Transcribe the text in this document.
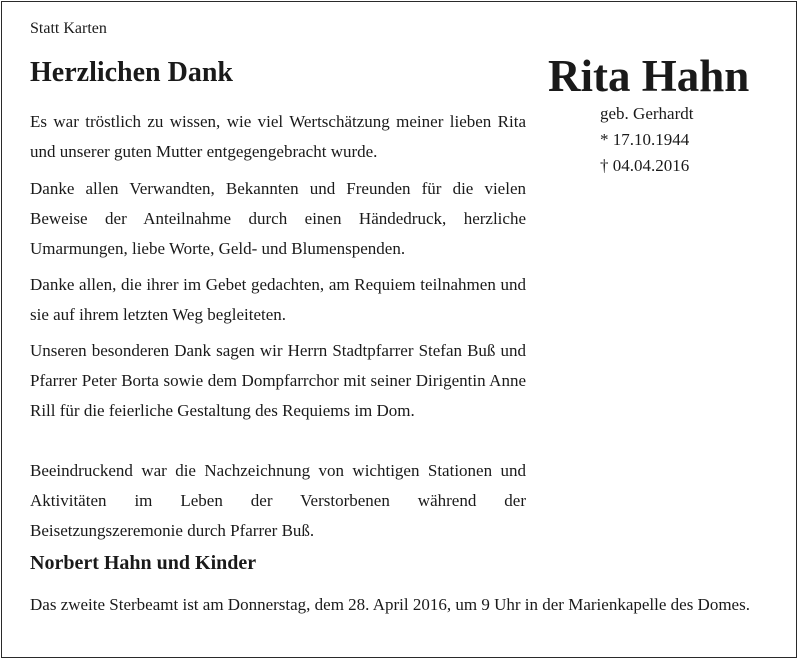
Statt Karten

Herzlichen Dank	Rita Hahn
geb. Gerhardt
* 17.10.1944
† 04.04.2016

Es war tröstlich zu wissen, wie viel Wertschätzung meiner lieben Rita und unserer guten Mutter entgegengebracht wurde.

Danke allen Verwandten, Bekannten und Freunden für die vielen Beweise der Anteilnahme durch einen Händedruck, herzliche Umarmungen, liebe Worte, Geld- und Blumenspenden.

Danke allen, die ihrer im Gebet gedachten, am Requiem teilnahmen und sie auf ihrem letzten Weg begleiteten.

Unseren besonderen Dank sagen wir Herrn Stadtpfarrer Stefan Buß und Pfarrer Peter Borta sowie dem Dompfarrchor mit seiner Dirigentin Anne Rill für die feierliche Gestaltung des Requiems im Dom.

Beeindruckend war die Nachzeichnung von wichtigen Stationen und Aktivitäten im Leben der Verstorbenen während der Beisetzungszeremonie durch Pfarrer Buß.

Norbert Hahn und Kinder

Das zweite Sterbeamt ist am Donnerstag, dem 28. April 2016, um 9 Uhr in der Marienkapelle des Domes.
